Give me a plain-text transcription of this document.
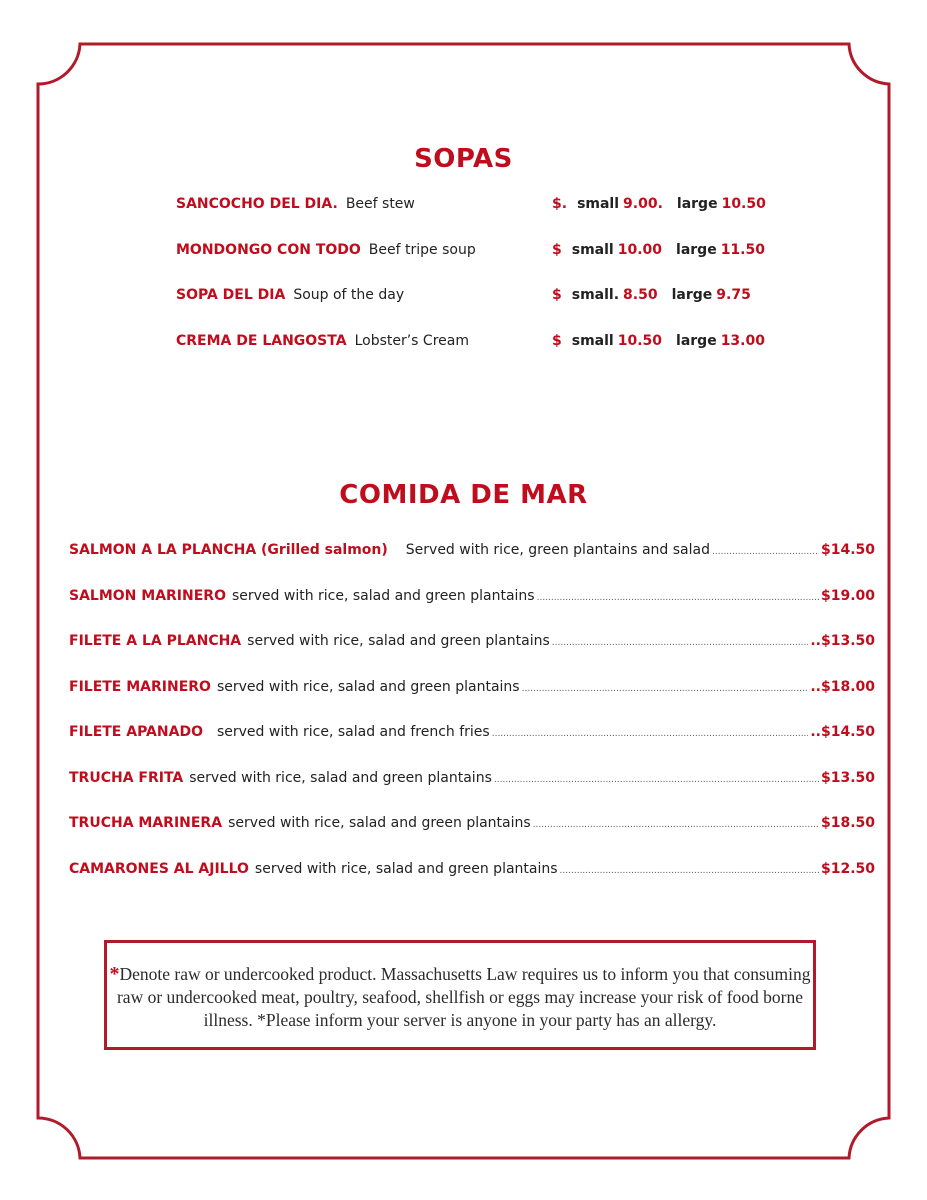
SOPAS
SANCOCHO DEL DIA. Beef stew	$. small 9.00. large 10.50
MONDONGO CON TODO Beef tripe soup	$ small 10.00 large 11.50
SOPA DEL DIA Soup of the day	$ small. 8.50 large 9.75
CREMA DE LANGOSTA Lobster’s Cream	$ small 10.50 large 13.00
COMIDA DE MAR
SALMON A LA PLANCHA (Grilled salmon) Served with rice, green plantains and salad .....	$14.50
SALMON MARINERO served with rice, salad and green plantains .....	$19.00
FILETE A LA PLANCHA served with rice, salad and green plantains .....	..$13.50
FILETE MARINERO served with rice, salad and green plantains .....	..$18.00
FILETE APANADO served with rice, salad and french fries .....	..$14.50
TRUCHA FRITA served with rice, salad and green plantains .....	$13.50
TRUCHA MARINERA served with rice, salad and green plantains .....	$18.50
CAMARONES AL AJILLO served with rice, salad and green plantains .....	$12.50
*Denote raw or undercooked product. Massachusetts Law requires us to inform you that consuming raw or undercooked meat, poultry, seafood, shellfish or eggs may increase your risk of food borne illness. *Please inform your server is anyone in your party has an allergy.
